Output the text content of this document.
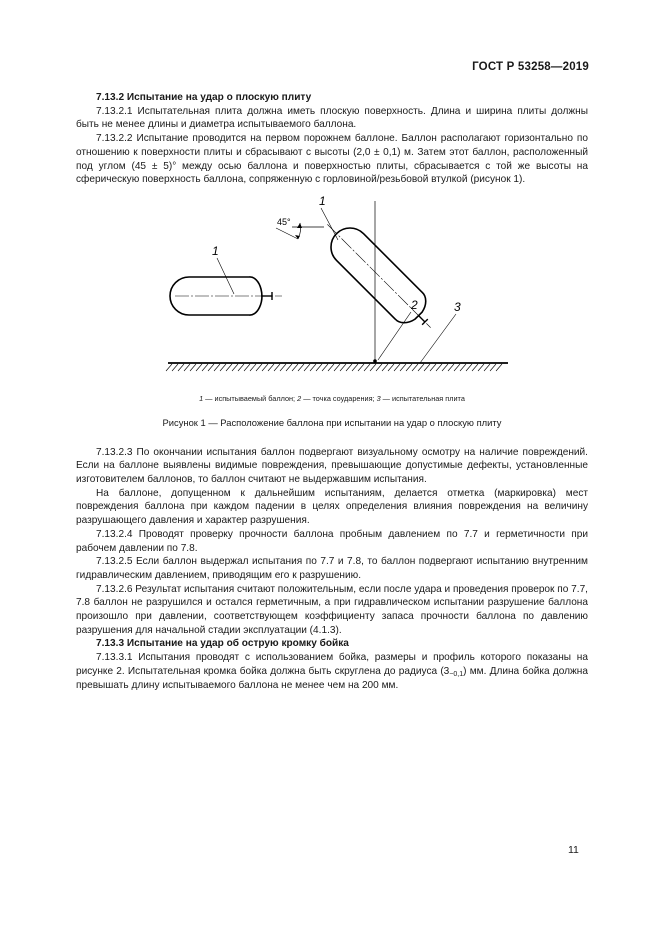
ГОСТ Р 53258—2019

7.13.2 Испытание на удар о плоскую плиту

7.13.2.1 Испытательная плита должна иметь плоскую поверхность. Длина и ширина плиты должны быть не менее длины и диаметра испытываемого баллона.

7.13.2.2 Испытание проводится на первом порожнем баллоне. Баллон располагают горизонтально по отношению к поверхности плиты и сбрасывают с высоты (2,0 ± 0,1) м. Затем этот баллон, расположенный под углом (45 ± 5)° между осью баллона и поверхностью плиты, сбрасывается с той же высоты на сферическую поверхность баллона, сопряженную с горловиной/резьбовой втулкой (рисунок 1).

45°
1
1
2	3
1 — испытываемый баллон; 2 — точка соударения; 3 — испытательная плита
Рисунок 1 — Расположение баллона при испытании на удар о плоскую плиту

7.13.2.3 По окончании испытания баллон подвергают визуальному осмотру на наличие повреждений. Если на баллоне выявлены видимые повреждения, превышающие допустимые дефекты, установленные изготовителем баллонов, то баллон считают не выдержавшим испытания.

На баллоне, допущенном к дальнейшим испытаниям, делается отметка (маркировка) мест повреждения баллона при каждом падении в целях определения влияния повреждения на величину разрушающего давления и характер разрушения.

7.13.2.4 Проводят проверку прочности баллона пробным давлением по 7.7 и герметичности при рабочем давлении по 7.8.

7.13.2.5 Если баллон выдержал испытания по 7.7 и 7.8, то баллон подвергают испытанию внутренним гидравлическим давлением, приводящим его к разрушению.

7.13.2.6 Результат испытания считают положительным, если после удара и проведения проверок по 7.7, 7.8 баллон не разрушился и остался герметичным, а при гидравлическом испытании разрушение баллона произошло при давлении, соответствующем коэффициенту запаса прочности баллона по давлению разрушения для начальной стадии эксплуатации (4.1.3).

7.13.3 Испытание на удар об острую кромку бойка

7.13.3.1 Испытания проводят с использованием бойка, размеры и профиль которого показаны на рисунке 2. Испытательная кромка бойка должна быть скруглена до радиуса $(3_{-0,1})$ мм. Длина бойка должна превышать длину испытываемого баллона не менее чем на 200 мм.

11
